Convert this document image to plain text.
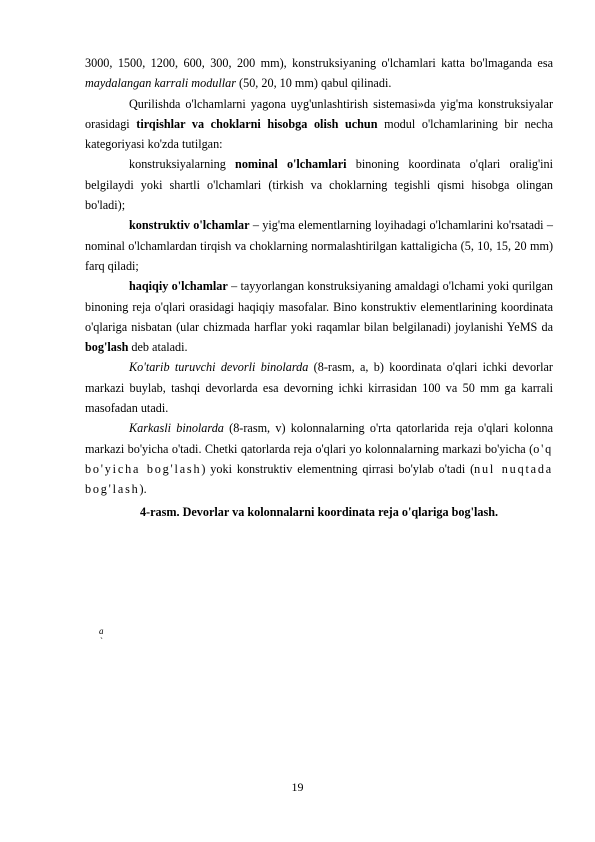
3000, 1500, 1200, 600, 300, 200 mm), konstruksiyaning o'lchamlari katta bo'lmaganda esa maydalangan karrali modullar (50, 20, 10 mm) qabul qilinadi.

Qurilishda o'lchamlarni yagona uyg'unlashtirish sistemasi»da yig'ma konstruksiyalar orasidagi tirqishlar va choklarni hisobga olish uchun modul o'lchamlarining bir necha kategoriyasi ko'zda tutilgan:

konstruksiyalarning nominal o'lchamlari binoning koordinata o'qlari oralig'ini belgilaydi yoki shartli o'lchamlari (tirkish va choklarning tegishli qismi hisobga olingan bo'ladi);

konstruktiv o'lchamlar – yig'ma elementlarning loyihadagi o'lchamlarini ko'rsatadi – nominal o'lchamlardan tirqish va choklarning normalashtirilgan kattaligicha (5, 10, 15, 20 mm) farq qiladi;

haqiqiy o'lchamlar – tayyorlangan konstruksiyaning amaldagi o'lchami yoki qurilgan binoning reja o'qlari orasidagi haqiqiy masofalar. Bino konstruktiv elementlarining koordinata o'qlariga nisbatan (ular chizmada harflar yoki raqamlar bilan belgilanadi) joylanishi YeMS da bog'lash deb ataladi.

Ko'tarib turuvchi devorli binolarda (8-rasm, a, b) koordinata o'qlari ichki devorlar markazi buylab, tashqi devorlarda esa devorning ichki kirrasidan 100 va 50 mm ga karrali masofadan utadi.

Karkasli binolarda (8-rasm, v) kolonnalarning o'rta qatorlarida reja o'qlari kolonna markazi bo'yicha o'tadi. Chetki qatorlarda reja o'qlari yo kolonnalarning markazi bo'yicha (o'q bo'yicha bog'lash) yoki konstruktiv elementning qirrasi bo'ylab o'tadi (nul nuqtada bog'lash).

4-rasm. Devorlar va kolonnalarni koordinata reja o'qlariga bog'lash.

a
`
19
